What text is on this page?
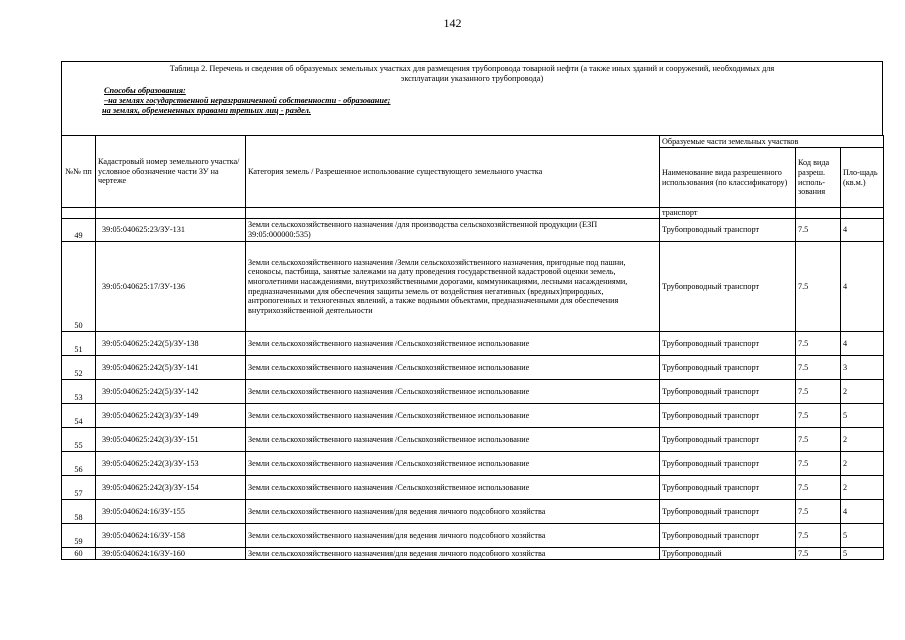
142
Таблица 2. Перечень и сведения об образуемых земельных участках для размещения трубопровода товарной нефти (а также иных зданий и сооружений, необходимых для
эксплуатации указанного трубопровода)
Способы образования:
–на землях государственной неразграниченной собственности - образование;
на землях, обремененных правами третьих лиц - раздел.
№№ пп	Кадастровый номер земельного участка/ условное обозначение части ЗУ на чертеже	Категория земель / Разрешенное использование существующего земельного участка	Образуемые части земельных участков		
			Наименование вида разрешенного использования (по классификатору)	Код вида разреш. исполь-зования	Пло-щадь (кв.м.)
			транспорт		
49	39:05:040625:23/ЗУ-131	Земли сельскохозяйственного назначения /для производства сельскохозяйственной продукции (ЕЗП 39:05:000000:535)	Трубопроводный транспорт	7.5	4
50	39:05:040625:17/ЗУ-136	Земли сельскохозяйственного назначения /Земли сельскохозяйственного назначения, пригодные под пашни, сенокосы, пастбища, занятые залежами на дату проведения государственной кадастровой оценки земель, многолетними насаждениями, внутрихозяйственными дорогами, коммуникациями, лесными насаждениями, предназначенными для обеспечения защиты земель от воздействия негативных (вредных)природных, антропогенных и техногенных явлений, а также водными объектами, предназначенными для обеспечения внутрихозяйственной деятельности	Трубопроводный транспорт	7.5	4
51	39:05:040625:242(5)/ЗУ-138	Земли сельскохозяйственного назначения /Сельскохозяйственное использование	Трубопроводный транспорт	7.5	4
52	39:05:040625:242(5)/ЗУ-141	Земли сельскохозяйственного назначения /Сельскохозяйственное использование	Трубопроводный транспорт	7.5	3
53	39:05:040625:242(5)/ЗУ-142	Земли сельскохозяйственного назначения /Сельскохозяйственное использование	Трубопроводный транспорт	7.5	2
54	39:05:040625:242(3)/ЗУ-149	Земли сельскохозяйственного назначения /Сельскохозяйственное использование	Трубопроводный транспорт	7.5	5
55	39:05:040625:242(3)/ЗУ-151	Земли сельскохозяйственного назначения /Сельскохозяйственное использование	Трубопроводный транспорт	7.5	2
56	39:05:040625:242(3)/ЗУ-153	Земли сельскохозяйственного назначения /Сельскохозяйственное использование	Трубопроводный транспорт	7.5	2
57	39:05:040625:242(3)/ЗУ-154	Земли сельскохозяйственного назначения /Сельскохозяйственное использование	Трубопроводный транспорт	7.5	2
58	39:05:040624:16/ЗУ-155	Земли сельскохозяйственного назначения/для ведения личного подсобного хозяйства	Трубопроводный транспорт	7.5	4
59	39:05:040624:16/ЗУ-158	Земли сельскохозяйственного назначения/для ведения личного подсобного хозяйства	Трубопроводный транспорт	7.5	5
60	39:05:040624:16/ЗУ-160	Земли сельскохозяйственного назначения/для ведения личного подсобного хозяйства	Трубопроводный	7.5	5
